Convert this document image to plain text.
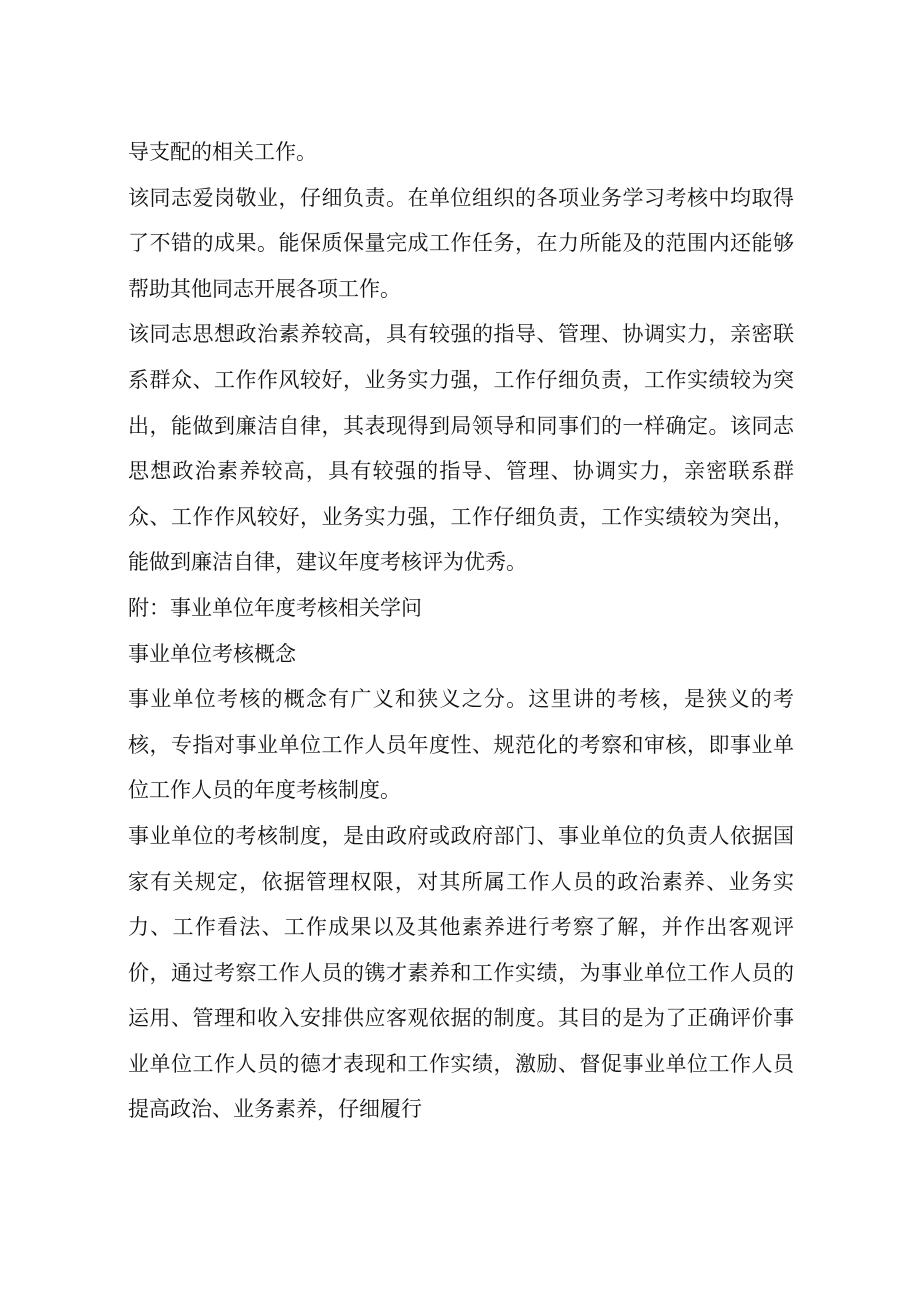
导支配的相关工作。

该同志爱岗敬业，仔细负责。在单位组织的各项业务学习考核中均取得了不错的成果。能保质保量完成工作任务，在力所能及的范围内还能够帮助其他同志开展各项工作。

该同志思想政治素养较高，具有较强的指导、管理、协调实力，亲密联系群众、工作作风较好，业务实力强，工作仔细负责，工作实绩较为突出，能做到廉洁自律，其表现得到局领导和同事们的一样确定。该同志思想政治素养较高，具有较强的指导、管理、协调实力，亲密联系群众、工作作风较好，业务实力强，工作仔细负责，工作实绩较为突出，能做到廉洁自律，建议年度考核评为优秀。

附：事业单位年度考核相关学问

事业单位考核概念

事业单位考核的概念有广义和狭义之分。这里讲的考核，是狭义的考核，专指对事业单位工作人员年度性、规范化的考察和审核，即事业单位工作人员的年度考核制度。

事业单位的考核制度，是由政府或政府部门、事业单位的负责人依据国家有关规定，依据管理权限，对其所属工作人员的政治素养、业务实力、工作看法、工作成果以及其他素养进行考察了解，并作出客观评价，通过考察工作人员的镌才素养和工作实绩，为事业单位工作人员的运用、管理和收入安排供应客观依据的制度。其目的是为了正确评价事业单位工作人员的德才表现和工作实绩，激励、督促事业单位工作人员提高政治、业务素养，仔细履行
